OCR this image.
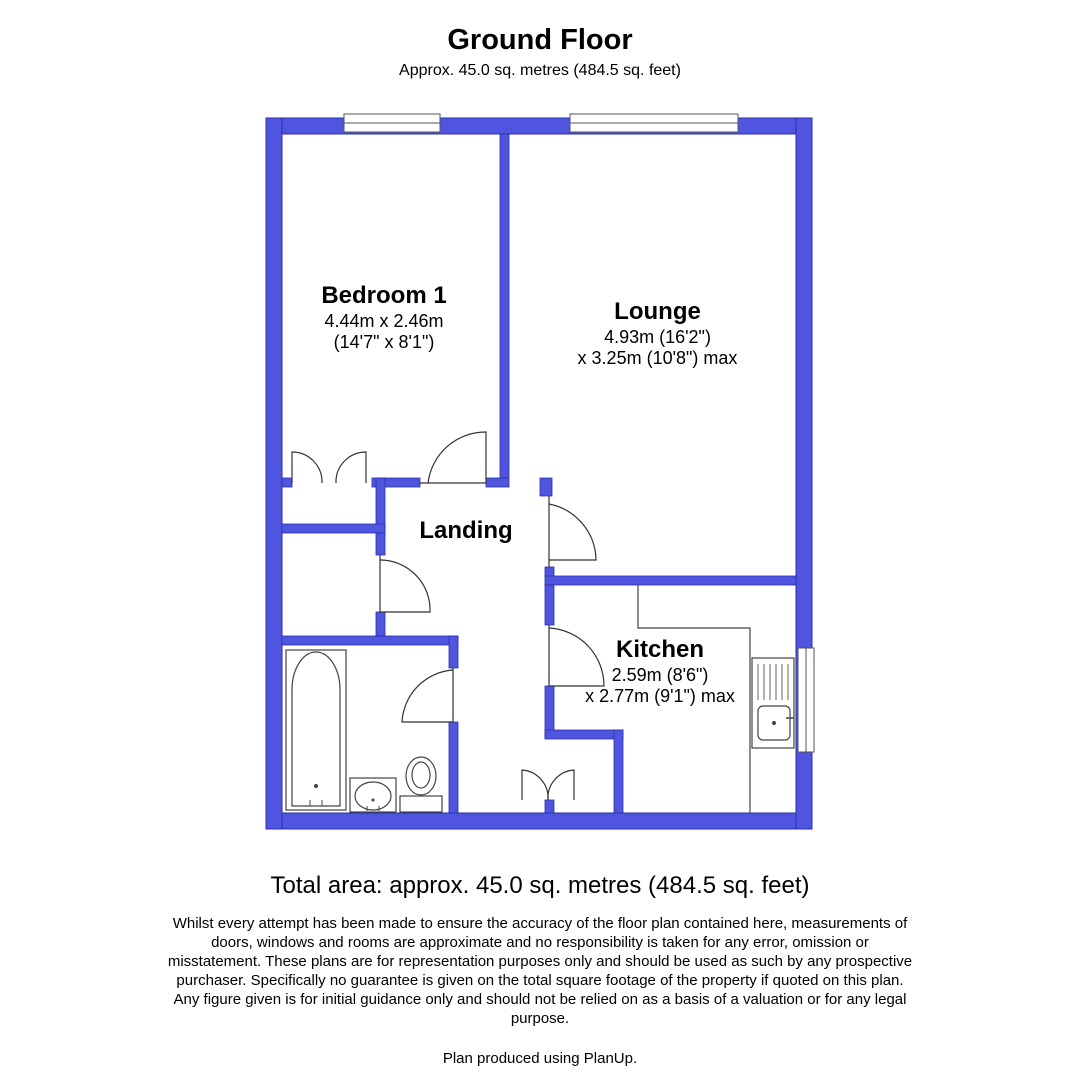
Ground Floor
Approx. 45.0 sq. metres (484.5 sq. feet)
Bedroom 1
4.44m x 2.46m
(14'7" x 8'1")
Lounge
4.93m (16'2")
x 3.25m (10'8") max
Landing
Kitchen
2.59m (8'6")
x 2.77m (9'1") max
Total area: approx. 45.0 sq. metres (484.5 sq. feet)
Whilst every attempt has been made to ensure the accuracy of the floor plan contained here, measurements of doors, windows and rooms are approximate and no responsibility is taken for any error, omission or misstatement. These plans are for representation purposes only and should be used as such by any prospective purchaser. Specifically no guarantee is given on the total square footage of the property if quoted on this plan. Any figure given is for initial guidance only and should not be relied on as a basis of a valuation or for any legal purpose.
Plan produced using PlanUp.
